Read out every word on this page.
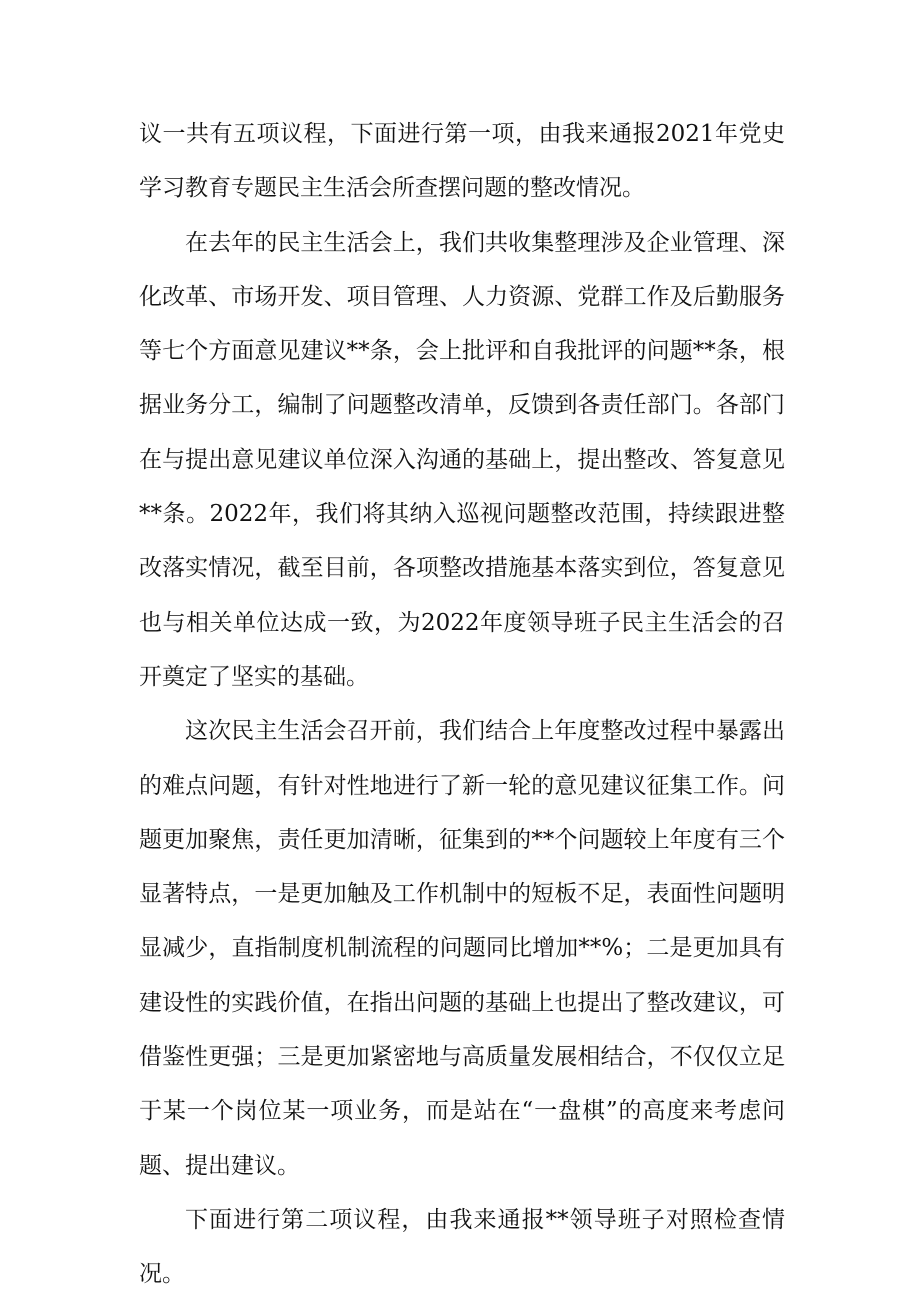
议一共有五项议程，下面进行第一项，由我来通报2021年党史学习教育专题民主生活会所查摆问题的整改情况。

在去年的民主生活会上，我们共收集整理涉及企业管理、深化改革、市场开发、项目管理、人力资源、党群工作及后勤服务等七个方面意见建议**条，会上批评和自我批评的问题**条，根据业务分工，编制了问题整改清单，反馈到各责任部门。各部门在与提出意见建议单位深入沟通的基础上，提出整改、答复意见**条。2022年，我们将其纳入巡视问题整改范围，持续跟进整改落实情况，截至目前，各项整改措施基本落实到位，答复意见也与相关单位达成一致，为2022年度领导班子民主生活会的召开奠定了坚实的基础。

这次民主生活会召开前，我们结合上年度整改过程中暴露出的难点问题，有针对性地进行了新一轮的意见建议征集工作。问题更加聚焦，责任更加清晰，征集到的**个问题较上年度有三个显著特点，一是更加触及工作机制中的短板不足，表面性问题明显减少，直指制度机制流程的问题同比增加**%；二是更加具有建设性的实践价值，在指出问题的基础上也提出了整改建议，可借鉴性更强；三是更加紧密地与高质量发展相结合，不仅仅立足于某一个岗位某一项业务，而是站在“一盘棋”的高度来考虑问题、提出建议。

下面进行第二项议程，由我来通报**领导班子对照检查情况。
